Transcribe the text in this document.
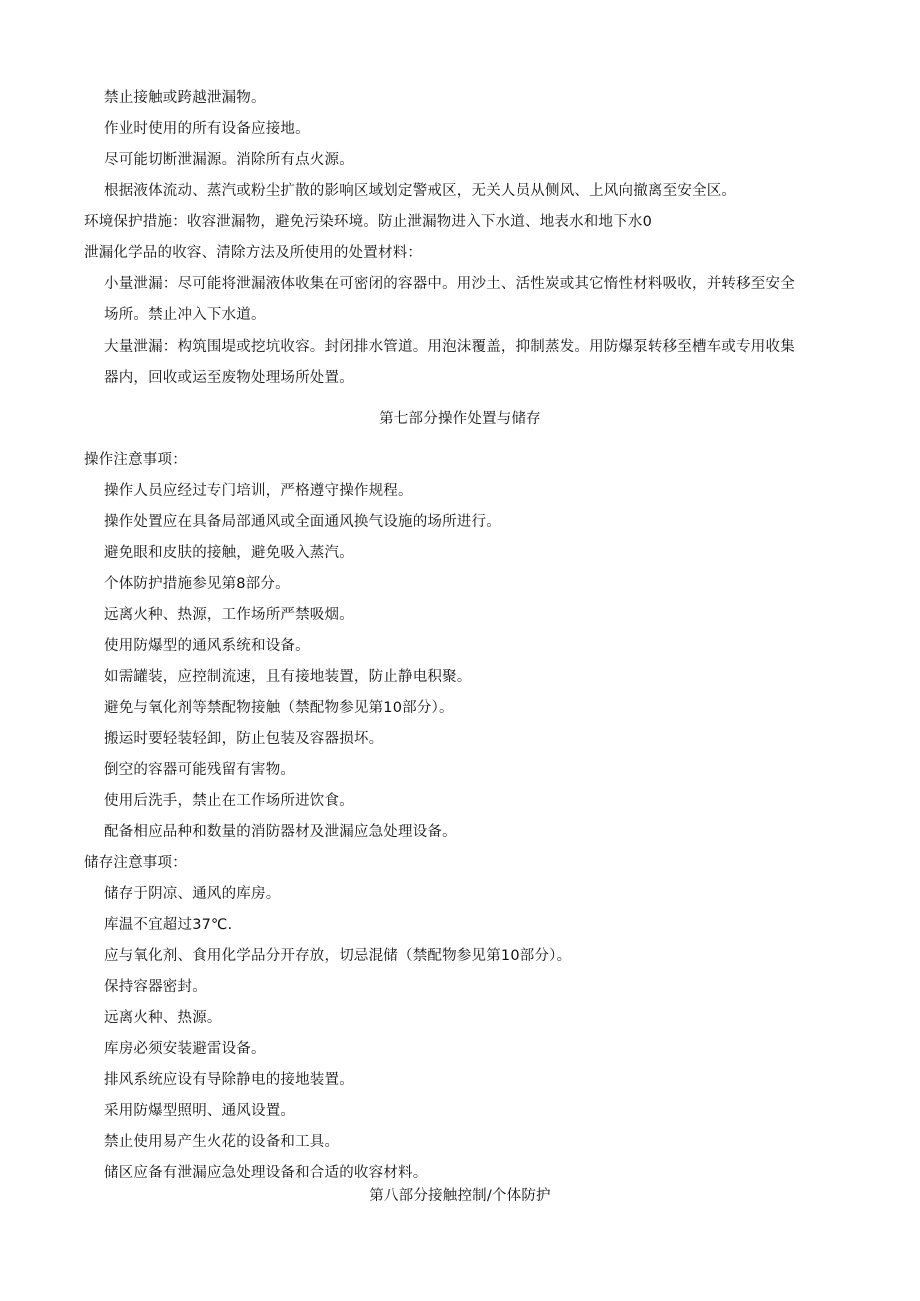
禁止接触或跨越泄漏物。
作业时使用的所有设备应接地。
尽可能切断泄漏源。消除所有点火源。
根据液体流动、蒸汽或粉尘扩散的影响区域划定警戒区，无关人员从侧风、上风向撤离至安全区。
环境保护措施：收容泄漏物，避免污染环境。防止泄漏物进入下水道、地表水和地下水0
泄漏化学品的收容、清除方法及所使用的处置材料：
小量泄漏：尽可能将泄漏液体收集在可密闭的容器中。用沙土、活性炭或其它惰性材料吸收，并转移至安全
场所。禁止冲入下水道。
大量泄漏：构筑围堤或挖坑收容。封闭排水管道。用泡沫覆盖，抑制蒸发。用防爆泵转移至槽车或专用收集
器内，回收或运至废物处理场所处置。
第七部分操作处置与储存
操作注意事项：
操作人员应经过专门培训，严格遵守操作规程。
操作处置应在具备局部通风或全面通风换气设施的场所进行。
避免眼和皮肤的接触，避免吸入蒸汽。
个体防护措施参见第8部分。
远离火种、热源，工作场所严禁吸烟。
使用防爆型的通风系统和设备。
如需罐装，应控制流速，且有接地装置，防止静电积聚。
避免与氧化剂等禁配物接触（禁配物参见第10部分）。
搬运时要轻装轻卸，防止包装及容器损坏。
倒空的容器可能残留有害物。
使用后洗手，禁止在工作场所进饮食。
配备相应品种和数量的消防器材及泄漏应急处理设备。
储存注意事项：
储存于阴凉、通风的库房。
库温不宜超过37℃.
应与氧化剂、食用化学品分开存放，切忌混储（禁配物参见第10部分）。
保持容器密封。
远离火种、热源。
库房必须安装避雷设备。
排风系统应设有导除静电的接地装置。
采用防爆型照明、通风设置。
禁止使用易产生火花的设备和工具。
储区应备有泄漏应急处理设备和合适的收容材料。
第八部分接触控制/个体防护
